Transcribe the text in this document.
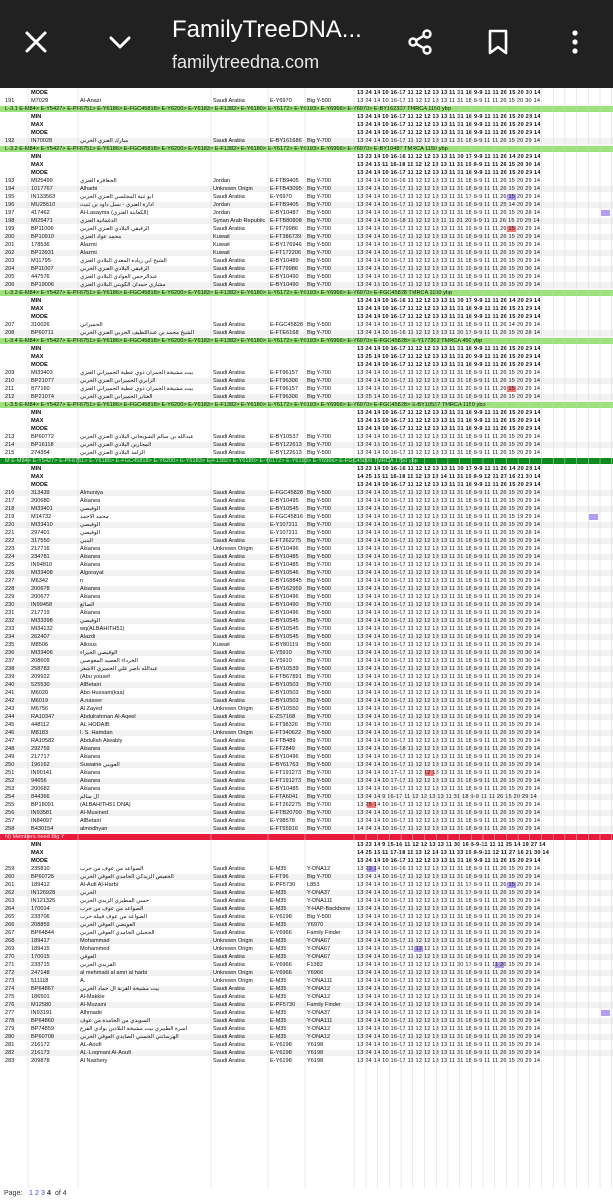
FamilyTreeDNA...
familytreedna.com
MODE	13 24 14 10 16-17 11 12 12 13 13 11 31 18 9-9 11 11 26 15 20 30 14
191	M7029	Al-Anazi	Saudi Arabia	E-Y6970	Big Y-500	13 24 14 10 16-17 11 12 12 13 13 11 31 18 9-9 11 11 26 15 20 30 14
L-3.1 E-M84> E-Y5427> E-PF6751> E-Y6186> E-FGC45818> E-Y6200> E-Y6183> E-F1382> E-Y6180> E-Y6172> E-Y6193> E-Y6966> E-Y6970> E-BY162337 TMRCA 1150 ybp
MIN	13 24 14 10 16-17 11 12 12 13 13 11 31 18 9-9 11 11 26 15 20 28 14
MAX	13 24 14 10 16-17 11 12 12 13 13 11 31 18 9-9 11 11 26 15 20 29 14
MODE	13 24 14 10 16-17 11 12 12 13 13 11 31 18 9-9 11 11 26 15 20 29 14
192	IN70028	مبارك العنزي الحربي	Saudi Arabia	E-BY161686 Big Y-700	13 24 14 10 16-17 11 12 12 13 13 11 31 18 9-9 11 11 26 15 20 29 14
L-3.2 E-M84> E-Y5427> E-PF6751> E-Y6186> E-FGC45818> E-Y6200> E-Y6183> E-F1382> E-Y6180> E-Y6172> E-Y6193> E-Y6966> E-Y6970> E-BY10487 TMRCA 1150 ybp
MIN	13 23 14 10 16-16 11 12 12 13 13 11 30 17 9-9 11 11 26 14 20 29 14
MAX	13 24 15 11 16-18 11 12 12 13 13 11 31 19 9-9 11 11 26 15 20 30 14
MODE	13 24 14 10 16-17 11 12 12 13 13 11 31 18 9-9 11 11 26 15 20 29 14
193	MI25499	الجعافرة العنزي	Jordan	E-FTB9405 Big Y-700	13 24 14 10 16-16 11 12 12 13 13 11 31 18 9-9 11 11 26 15 20 29 14
194	1017767	Alharbi	Unknown Origin	E-FTB43095 Big Y-700	13 24 14 10 16-17 11 12 12 13 13 11 31 18 9-9 11 11 26 15 20 29 14
195	IN133563	أبو ثنية المجلسي العنزي الحربي	Saudi Arabia	E-Y6970	Big Y-700	13 24 14 10 16-17 11 12 12 13 13 11 31 17 9-9 11 11 26 15 20 29 14
196	MU25510	ادارة العنزي - نسل داود بن ثنيث	Jordan	E-FTB9405 Big Y-700	13 24 14 10 16-17 11 12 12 13 13 11 31 18 9-9 11 11 25 14 20 29 14
197	417462	Al-Lasayma (الكعابنة العنزي)	Jordan	E-BY10487 Big Y-500	13 24 14 10 16-17 11 12 12 13 13 11 31 18 9-9 11 11 26 15 20 28 14
198	MI25471	الدغمانية العنزي	Syrian Arab Republic E-FTB80808 Big Y-700	13 24 14 10 16-18 11 12 12 13 11 11 31 20 9-9 11 11 26 15 20 29 14
199	BP11006	الزقيقي البلادي العنزي الحربي	Saudi Arabia	E-FT79986 Big Y-700	13 24 14 10 16-17 11 12 12 13 13 11 31 19 9-9 11 11 26 15 20 29 14
200	BP10910	محمد عواد العنزي	Kuwait	E-FT386739 Big Y-700	13 24 14 10 16-17 11 12 12 13 13 11 31 18 9-9 11 11 26 15 20 29 14
201	178536	Alazmi	Kuwait	E-BY176946 Big Y-500	13 24 14 10 16-17 11 12 12 13 13 11 31 18 9-9 11 11 26 15 20 29 14
202	BP13931	Alazmi	Kuwait	E-FT172206 Big Y-700	13 24 14 10 16-17 11 12 12 13 13 11 31 18 9-9 11 11 26 15 20 29 14
203	M11795	الشيخ ابن زيادة المعدي البلادي العنزي	Saudi Arabia	E-BY10489 Big Y-500	13 24 14 10 16-17 11 12 12 13 13 11 31 18 9-9 11 11 26 15 20 29 14
204	BP11007	الزقيقي البلادي العنزي الحربي	Saudi Arabia	E-FT79986 Big Y-700	13 24 14 10 16-17 11 12 12 13 13 11 31 19 9-9 11 11 26 15 20 30 14
205	447576	عبدالرحمن العوادي البلادي العنزي	Saudi Arabia	E-BY10490 Big Y-500	13 24 14 10 16-17 11 12 12 13 13 11 31 18 9-9 11 11 26 15 20 29 14
206	BP19006	مشاري حمدان الكويتي البلادي العنزي	Saudi Arabia	E-BY10490 Big Y-700	13 24 15 10 16-17 11 12 12 13 13 11 31 18 9-9 11 11 26 15 20 29 14
L-3.3 E-M84> E-Y5427> E-PF6751> E-Y6186> E-FGC45818> E-Y6200> E-Y6183> E-F1382> E-Y6180> E-Y6172> E-Y6193> E-Y6966> E-Y6970> E-FGC45828 TMRCA 1150 ybp
MIN	13 24 14 10 16-16 11 12 12 13 13 11 30 17 9-9 11 11 26 14 20 29 14
MAX	13 24 14 10 16-17 11 12 12 13 13 11 31 18 9-9 11 11 26 15 21 29 14
MODE	13 24 14 10 16-17 11 12 12 13 13 11 31 18 9-9 11 11 26 15 20 29 14
207	310026	الحميراني	Saudi Arabia	E-FGC45828 Big Y-500	13 24 14 10 16-17 11 12 12 13 13 11 31 18 9-9 11 11 26 14 20 29 14
208	BP60711	الشيخ محمد بن عبداللطيف الحربي العنزي الحربي	Saudi Arabia	E-FTE6168 Big Y-700	13 24 14 10 16-16 11 12 12 13 13 11 30 17 9-9 11 11 26 15 20 28 14
L-3.4 E-M84> E-Y5427> E-PF6751> E-Y6186> E-FGC45818> E-Y6200> E-Y6183> E-F1382> E-Y6180> E-Y6172> E-Y6193> E-Y6966> E-Y6970> E-FGC45828> E-Y177302 TMRCA 450 ybp
MIN	13 24 14 10 16-17 11 12 12 13 13 11 31 18 9-9 11 11 26 15 20 29 14
MAX	13 25 14 10 16-17 11 12 12 13 13 11 31 20 9-9 11 11 26 15 20 29 14
MODE	13 24 14 10 16-17 11 12 12 13 13 11 31 18 9-9 11 11 26 15 20 29 14
209	MI33403	بيت مشيخة الحمران ذوي عطية الحميراني العنزي	Saudi Arabia	E-FT96157 Big Y-700	13 24 14 10 16-17 11 12 12 13 13 11 31 18 9-9 11 11 26 15 20 29 14
210	BP21077	الزابري الحميراني العنزي الحربي	Saudi Arabia	E-FT96306 Big Y-700	13 24 14 10 16-17 11 12 12 13 13 11 31 18 9-9 11 11 26 15 20 29 14
211	877160	بيت مشيخة الحمران ذوي عطية الحميراني العنزي	Saudi Arabia	E-FT96157 Big Y-700	13 24 14 10 16-17 11 12 12 13 13 11 31 20 9-9 11 11 26 15 20 29 14
212	BP21074	العنابر الحميراني العنزي الحربي	Saudi Arabia	E-FT96306 Big Y-700	13 25 14 10 16-17 11 12 12 13 13 11 31 18 9-9 11 11 26 15 20 29 14
L-3.5 E-M84> E-Y5427> E-PF6751> E-Y6186> E-FGC45818> E-Y6200> E-Y6183> E-F1382> E-Y6180> E-Y6172> E-Y6193> E-Y6966> E-Y6970> E-FGC45828> E-BY10537 TMRCA 1150 ybp
MIN	13 24 14 10 16-17 11 12 12 13 13 11 31 18 9-9 11 11 26 15 20 29 14
MAX	13 24 15 10 16-17 11 12 12 13 13 11 31 18 9-9 11 11 26 15 20 29 14
MODE	13 24 14 10 16-17 11 12 12 13 13 11 31 18 9-9 11 11 26 15 20 29 14
213	BP60772	عبدالله بن سالم الشويحاني البلادي العنزي الحربي	Saudi Arabia	E-BY10537 Big Y-700	13 24 14 10 16-17 11 12 12 13 13 11 31 18 9-9 11 11 26 15 20 29 14
214	BP16118	المجازين البلادي العنزي الحربي	Saudi Arabia	E-BY122613 Big Y-700	13 24 15 10 16-17 11 12 12 13 13 11 31 18 9-9 11 11 26 15 20 29 14
215	274354	الزامد البلادي العنزي الحربي	Saudi Arabia	E-BY122613 Big Y-500	13 24 14 10 16-17 11 12 12 13 13 11 31 18 9-9 11 11 26 15 20 29 14
M E-M84> E-Y5427> E-PF6751> E-Y6186> E-FGC45818> E-Y6200> E-Y6183> E-F1382> E-Y6180> E-Y6172> E-Y6193> E-Y6966> E-FGC45809 TMRCA 1750 ybp
MIN	13 23 14 10 16-16 11 12 12 13 13 11 30 17 9-9 11 11 26 14 20 28 14
MAX	14 25 15 11 16-18 11 12 13 13 14 11 31 19 9-9 12 11 27 16 21 30 14
MODE	13 24 14 10 16-17 11 12 12 13 13 11 31 18 9-9 11 11 26 15 20 29 14
216	313439	Almuniya	Saudi Arabia	E-FGC45828 Big Y-500	13 24 14 10 15-17 11 12 12 13 13 11 31 18 9-9 11 11 26 15 20 29 14
217	200680	Alsanea	Saudi Arabia	E-BY10495 Big Y-500	13 24 14 10 16-17 11 12 12 13 13 11 31 18 9-9 11 11 26 15 20 29 14
218	MI33401	الوقيصي	Saudi Arabia	E-BY10545 Big Y-700	13 24 14 10 16-17 11 12 12 13 13 11 31 17 9-9 11 11 26 15 20 29 14
219	M14732	محمد الاحمد	Saudi Arabia	E-FGC45816 Big Y-500	13 24 14 10 16-17 11 12 12 13 13 11 31 18 9-9 11 11 26 15 19 29 14
220	MI33410	الوقيصي	Saudi Arabia	E-Y107211 Big Y-700	13 24 14 10 16-17 11 12 12 13 13 11 31 18 9-9 11 11 26 15 20 29 14
221	297401	الوقيصي	Saudi Arabia	E-Y107211 Big Y-500	13 24 14 10 16-17 11 12 12 13 13 11 31 18 9-9 11 11 26 15 20 28 14
222	317550	البنبي	Saudi Arabia	E-FT262275 Big Y-700	13 24 14 10 16-17 11 12 12 13 13 11 31 18 9-9 11 11 26 15 20 29 14
223	217716	Alsanea	Unknown Origin	E-BY10496 Big Y-500	13 24 14 10 16-17 11 12 12 13 13 11 31 18 9-9 11 11 26 15 20 29 14
224	234781	Alsanea	Saudi Arabia	E-BY10485 Big Y-500	13 24 14 10 16-17 11 12 12 13 13 11 31 18 9-9 11 11 26 15 20 29 14
225	IN94810	Alsanea	Saudi Arabia	E-BY10485 Big Y-700	13 24 14 10 16-17 11 12 12 13 13 11 31 18 9-9 11 11 26 15 20 29 14
226	MI33408	Algorayat	Saudi Arabia	E-BY10546 Big Y-700	13 24 14 10 16-17 11 12 12 13 13 11 31 18 9-9 11 11 26 15 20 29 14
227	M6342	n	Saudi Arabia	E-BY168845 Big Y-500	13 24 14 10 16-17 11 12 12 13 13 11 31 18 9-9 11 11 26 15 20 29 14
228	200678	Alsanea	Saudi Arabia	E-BY162959 Big Y-500	13 24 14 10 16-17 11 12 12 13 13 11 31 18 9-9 11 11 26 15 20 29 14
229	200677	Alsanea	Saudi Arabia	E-BY10496 Big Y-500	13 24 14 10 16-17 11 12 12 13 13 11 31 18 9-9 11 11 26 15 20 29 14
230	IN99458	الصائغ	Saudi Arabia	E-BY10490 Big Y-700	13 24 14 10 16-17 11 12 12 13 13 11 31 18 9-9 11 11 26 15 20 29 14
231	217719	Alsanea	Saudi Arabia	E-BY10496 Big Y-500	13 24 14 10 16-17 11 12 12 13 13 11 31 18 9-9 11 11 26 15 20 29 14
232	MI33398	الوقيصي	Saudi Arabia	E-BY10545 Big Y-700	13 24 14 10 16-17 11 12 12 13 13 11 31 18 9-9 11 11 26 15 20 29 14
233	MI34132	wq(ALBAHITH51)	Saudi Arabia	E-BY10545 Big Y-700	13 24 14 10 16-17 11 12 12 13 13 11 31 18 9-9 11 11 26 15 20 29 14
234	262407	Alazdi	Saudi Arabia	E-BY10545 Big Y-500	13 24 14 10 16-17 11 12 12 13 13 11 31 18 9-9 11 11 26 15 20 29 14
235	M8506	Alkous	Kuwait	E-BY80119 Big Y-500	13 24 14 10 16-17 11 12 12 13 13 11 31 18 9-9 11 11 26 15 20 29 14
236	MI33406	الوقيصي الخيراء	Saudi Arabia	E-Y5910	Big Y-700	13 24 14 10 16-17 11 12 12 13 13 11 31 18 9-9 11 11 26 15 20 30 14
237	208609	الخرداء العصيد المعوصين	Saudi Arabia	E-Y5910	Big Y-700	13 24 14 10 16-17 11 12 12 13 13 11 31 18 9-9 11 11 26 15 20 30 14
238	258783	عبدالله ناصر علي الحميري الاشعر	Saudi Arabia	E-BY10539 Big Y-500	13 24 14 10 16-17 11 12 12 13 13 11 31 18 9-9 11 11 26 15 20 29 14
239	209922	(Abu yousef	Saudi Arabia	E-FTB67891 Big Y-700	13 24 14 10 16-17 11 12 12 13 13 11 31 18 9-9 11 11 26 15 20 29 14
240	525530	AlBetairi	Saudi Arabia	E-BY10503 Big Y-700	13 24 14 10 16-17 11 12 12 13 13 11 31 18 9-9 11 11 26 15 20 29 14
241	M6020	Abo Hussam(ksa)	Saudi Arabia	E-BY10503 Big Y-500	13 24 14 10 16-17 11 12 12 13 13 11 31 18 9-9 11 11 26 15 20 29 14
242	M6019	A.nasser	Saudi Arabia	E-BY10503 Big Y-500	13 24 14 10 16-17 11 12 12 13 13 11 31 18 9-9 11 11 26 15 20 29 14
243	M6756	Al Zayed	Unknown Origin	E-BY10550 Big Y-500	13 24 14 10 16-17 11 12 12 13 13 11 31 18 9-9 11 11 26 15 20 29 14
244	RA10347	Abdulrahman Al-Aqeel	Saudi Arabia	E-ZS7168 Big Y-700	13 24 14 10 16-17 11 12 12 13 13 11 31 18 9-9 11 11 26 15 20 29 14
245	448112	AL HODAIB	Saudi Arabia	E-FT98326 Big Y-700	13 24 14 10 16-17 11 12 12 13 13 11 31 18 9-9 11 11 26 15 20 29 14
246	M8183	I. S. Hamdan	Unknown Origin	E-FT340622 Big Y-500	13 24 14 10 16-17 11 12 12 13 13 11 31 18 9-9 11 11 26 15 20 29 14
247	RA10582	Abdullah Alwably	Saudi Arabia	E-FTB489 Big Y-700	13 24 14 10 16-17 11 12 12 13 13 11 31 18 9-9 11 11 26 15 20 29 14
248	292759	Alsanea	Saudi Arabia	E-FT2849 Big Y-500	13 24 14 10 16-18 11 12 12 13 13 11 31 18 9-9 11 11 26 15 20 29 14
249	217717	Alsanea	Saudi Arabia	E-BY10496 Big Y-500	13 24 14 10 16-17 11 12 12 13 13 11 31 18 9-9 11 11 26 15 20 29 14
250	196162	Suwaine العويني	Saudi Arabia	E-BY61763 Big Y-500	13 24 14 10 16-17 11 12 12 13 13 11 31 18 9-9 11 11 26 15 20 29 14
251	IN90141	Alsanea	Saudi Arabia	E-FT191273 Big Y-700	13 24 14 10 17-17 11 12 12 13 13 11 31 18 9-9 11 11 26 15 20 29 14
252	94656	Alsanea	Saudi Arabia	E-FT191273 Big Y-500	13 24 14 10 17-17 11 12 12 13 13 11 31 18 9-9 11 11 26 15 20 29 14
253	200682	Alsanea	Saudi Arabia	E-BY10485 Big Y-500	13 24 14 10 16-17 11 12 12 13 13 11 31 18 9-9 11 11 26 15 20 29 14
254	844366	آل سالم	Saudi Arabia	E-FTA6041 Big Y-700	13 24 14 9 16-17 11 12 12 13 13 11 31 18 9-9 11 11 26 15 20 29 14
255	BP18091	(ALBAHITH51 DNA)	Saudi Arabia	E-FT262275 Big Y-700	13 25 14 10 16-17 11 12 12 13 13 11 31 18 9-9 11 11 26 15 20 29 14
256	IN93581	Al-Musined	Saudi Arabia	E-FTB20700 Big Y-700	13 24 14 10 16-17 11 12 12 13 13 11 31 18 9-9 11 11 26 15 20 29 14
257	IN84097	AlBetairi	Saudi Arabia	E-Y98578 Big Y-700	13 24 14 10 16-17 11 12 12 13 13 11 31 18 9-9 11 11 26 15 20 29 14
258	B430154	almodhyan	Saudi Arabia	E-FT55916 Big Y-700	14 24 14 10 16-17 11 12 12 13 13 11 31 18 9-9 11 11 26 15 20 29 14
N) Members need Big Y
MIN	13 23 14 9 15-16 11 12 12 13 13 11 30 16 8-9-11 11 11 25 14 19 27 14
MAX	14 25 15 11 17-18 11 13 12 14 13 11 33 19 9-9-11 12 11 27 16 21 30 14
MODE	13 24 14 10 16-17 11 12 12 13 13 11 31 18 9-9 11 11 26 15 20 29 14
259	235810	الصواعد من عوف من حرب	Saudi Arabia	E-M35	Y-DNA12	13 23 14 10 16-16 11 12 12 13 13 11 31 18 9-9 11 11 26 15 20 29 14
260	BP60725	الحفيص الزيدكي الحامدي العوفي الحربي	Saudi Arabia	E-FT96	Big Y-700	13 24 14 10 16-17 11 12 12 13 13 11 31 18 9-9 11 11 26 15 20 29 14
261	189412	Al-Aufi Al-Harbi	Saudi Arabia	E-PF5730 L853	13 24 14 10 16-17 11 12 12 13 13 11 31 17 9-9 11 11 26 15 20 29 14
262	IN126928	الحربي	Saudi Arabia	E-M35	Y-DNA37	13 24 14 10 16-17 11 12 12 13 13 11 31 17 9-9 11 11 26 15 20 29 14
263	IN121325	حسن المطيري الزيدي الحربي	Saudi Arabia	E-M35	Y-DNA111	13 24 14 10 16-17 11 12 12 13 13 11 31 18 9-9 11 11 26 15 20 29 14
264	170014	الصواعد من عوف من حرب	Saudi Arabia	E-M35	Y-HAP-Backbone 13 24 14 10 16-17 11 12 12 13 13 11 31 18 9-9 11 11 26 15 20 29 14
265	233706	الصواعد من عوف قبيلة حرب	Saudi Arabia	E-Y6198	Big Y-500	13 24 14 10 16-17 11 12 12 13 13 11 31 18 9-9 11 11 26 15 20 29 14
266	208859	العويضي العوفي الحربي	Saudi Arabia	E-M35	Y6970	13 24 14 10 16-17 11 12 12 13 13 11 31 18 9-9 11 11 26 15 20 29 14
267	BP64844	الحجيلي الحامدي العوفي الحربي	Saudi Arabia	E-Y6966	Family Finder	13 24 14 10 16-17 11 12 12 13 13 11 31 18 9-9 11 11 26 15 20 29 14
268	189417	Mohammad	Unknown Origin	E-M35	Y-DNA67	13 24 14 10 15-17 11 12 12 13 13 11 31 18 9-9 11 11 26 15 20 29 14
269	189415	Mohammed	Unknown Origin	E-M35	Y-DNA67	13 24 14 10 15-17 11 12 12 13 13 11 31 18 9-9 11 11 26 15 20 29 14
270	170015	العوفي	Saudi Arabia	E-M35	Y-DNA67	13 24 14 10 16-17 11 12 12 13 13 11 31 18 9-9 11 11 26 15 20 29 14
271	233715	القريدي الحربي	Saudi Arabia	E-Y6966	F1382	13 24 14 10 16-17 11 12 12 13 13 11 30 17 9-9 11 11 26 15 20 29 14
272	247148	al mehmadi al amri al harbi	Unknown Origin	E-Y6966	Y6966	13 24 14 10 16-17 11 12 12 13 13 11 31 18 9-9 11 11 26 15 20 29 14
273	511118	A.	Unknown Origin	E-M35	Y-DNA111	13 24 14 10 16-17 11 12 12 13 13 11 31 18 9-9 11 11 26 15 20 29 14
274	BP64867	بيت مشيخة القرنة آل حماد الحربي	Saudi Arabia	E-M35	Y-DNA12	13 24 14 10 16-17 11 12 12 13 13 11 31 18 9-9 11 11 26 15 20 29 14
275	186501	Al-Makkie	Saudi Arabia	E-M35	Y-DNA12	13 24 14 10 16-17 11 12 12 13 13 11 31 18 9-9 11 11 26 15 20 29 14
276	M12580	Al-Muzaini	Saudi Arabia	E-PF5730 Family Finder	13 24 14 10 16-17 11 12 12 13 13 11 31 18 9-9 11 11 26 15 20 29 14
277	IN93191	Alhmade	Saudi Arabia	E-M35	Y-DNA37	13 24 14 10 16-17 11 12 12 13 13 11 31 18 9-9 11 11 26 15 20 28 14
278	BP64860	السويدي من الحامدة من عوف	Saudi Arabia	E-M35	Y-DNA111	13 24 14 10 16-17 11 12 12 13 13 11 31 18 9-9 11 11 26 15 20 29 14
279	BP74859	أسرة الطبيزي بيت مشيخة البلادين بوادي الفرع	Saudi Arabia	E-M35	Y-DNA12	13 24 14 10 16-17 11 12 12 13 13 11 31 18 9-9 11 11 26 15 20 29 14
280	BP60708	الهرسانتي الحسني الصايدي العوفي الحربي	Saudi Arabia	E-M35	Y-DNA12	13 24 14 10 16-17 11 12 12 13 13 11 31 18 9-9 11 11 26 15 20 29 14
281	216172	AL-Aoufi	Saudi Arabia	E-Y6198	Y6198	13 24 14 10 16-17 11 12 12 13 13 11 31 18 9-9 11 11 26 15 20 29 14
282	216173	AL-Loqmani Al-Aoufi	Saudi Arabia	E-Y6198	Y6198	13 24 14 10 16-17 11 12 12 13 13 11 31 18 9-9 11 11 26 15 20 29 14
283	209878	Al Nashery	Saudi Arabia	E-Y6198	Y6198	13 24 14 10 16-17 11 12 12 13 13 11 31 18 9-9 11 11 26 15 20 29 14
Page: 1 2 3 4 of 4
